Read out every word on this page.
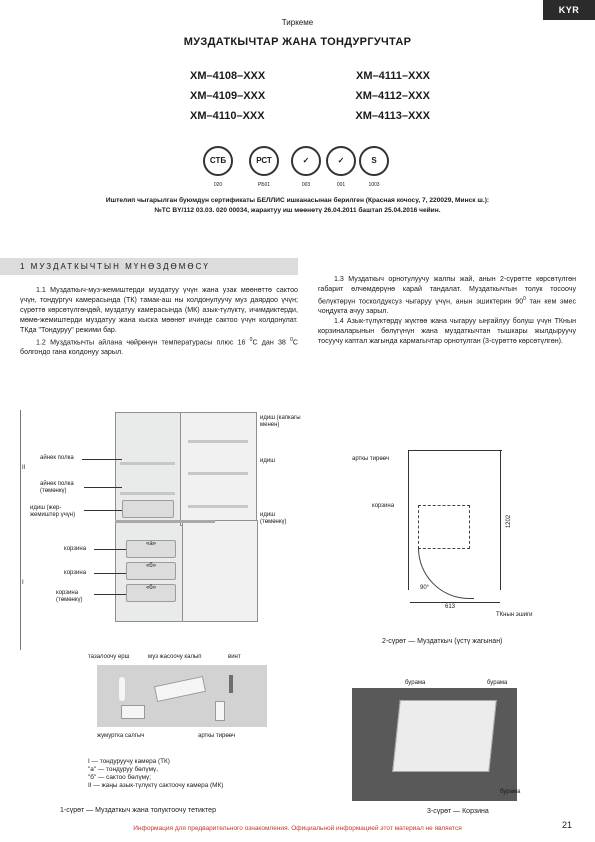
KYR
Тиркеме
МУЗДАТКЫЧТАР ЖАНА ТОНДУРГУЧТАР
ХМ–4108–ХХХ	ХМ–4111–ХХХ
ХМ–4109–ХХХ	ХМ–4112–ХХХ
ХМ–4110–ХХХ	ХМ–4113–ХХХ
СТБ
020
РСТ
РБ01
✓
003
✓
001
S
1003
Иштелип чыгарылган буюмдун сертификаты БЕЛЛИС ишканасынан берилген (Красная кочосу, 7, 220029, Минск ш.):
№ТС BY/112 03.03. 020 00034, жарактуу иш мөөнөтү 26.04.2011 баштап 25.04.2016 чейин.
1 МУЗДАТКЫЧТЫН МҮНӨЗДӨМӨСҮ
1.1 Муздаткыч-муз-жемиштерди муздатуу үчүн жана узак мөөнөттө сактоо үчүн, тондургуч камерасында (ТК) тамак-аш ны колдонулуучу муз даярдоо үчүн; сүрөттө көрсөтүлгөндөй, муздатуу камерасында (МК) азык-түлүктү, ичимдиктерди, мөмө-жемиштерди муздатуу жана кыска мөөнөт ичинде сактоо үчүн колдонулат. ТКда "Тондуруу" режими бар.
1.2 Муздаткычты айлана чөйрөнүн температурасы плюс 16 $^0$С дан 38 $^0$С болгондо гана колдонуу зарыл.
1.3 Муздаткыч орнотулуучу жалпы жай, анын 2-сүрөтте көрсөтүлгөн габарит өлчөмдөрүнө карай тандалат. Муздаткычтын толук тосоочу белүктөрүн тосколдуксуз чыгаруу үчүн, анын эшиктерин $90^0$ тан кем эмес чоңдукта ачуу зарыл.
1.4 Азык-түлүктөрдү жүктөө жана чыгаруу ыңгайлуу болуш үчүн ТКнын корзиналарынын бөлүгүнүн жана муздаткычтан тышкары жылдыруучу тосуучу каптал жагында кармагычтар орнотулган (3-сүрөттө көрсөтүлгөн).
II
I
«а»
«б»
«б»
айнек полка
айнек полка
(төмөнкү)
идиш (жер-
жемиштер үчүн)
корзина
корзина
корзина
(төмөнкү)
идиш (капкагы
менен)
идиш
идиш
(төмөнкү)
тазалоочу ерш	муз жасоочу калып	винт
жумуртка салгыч	арткы тирөөч
I — тондуруучу камера (ТК)
"а" — тондуруу бөлүмү,
"б" — сактоо бөлүмү;
II — жаңы азык-түлүктү сактоочу камера (МК)
1-сүрөт — Муздаткыч жана толуктоочу тетиктер
арткы тирөөч
корзина
90°
1202
613
ТКнын эшиги
2-сүрөт — Муздаткыч (үстү жагынан)
бурама	бурама
бурама
3-сүрөт — Корзина
Информация для предварительного ознакомления. Официальной информацией этот материал не является	21
